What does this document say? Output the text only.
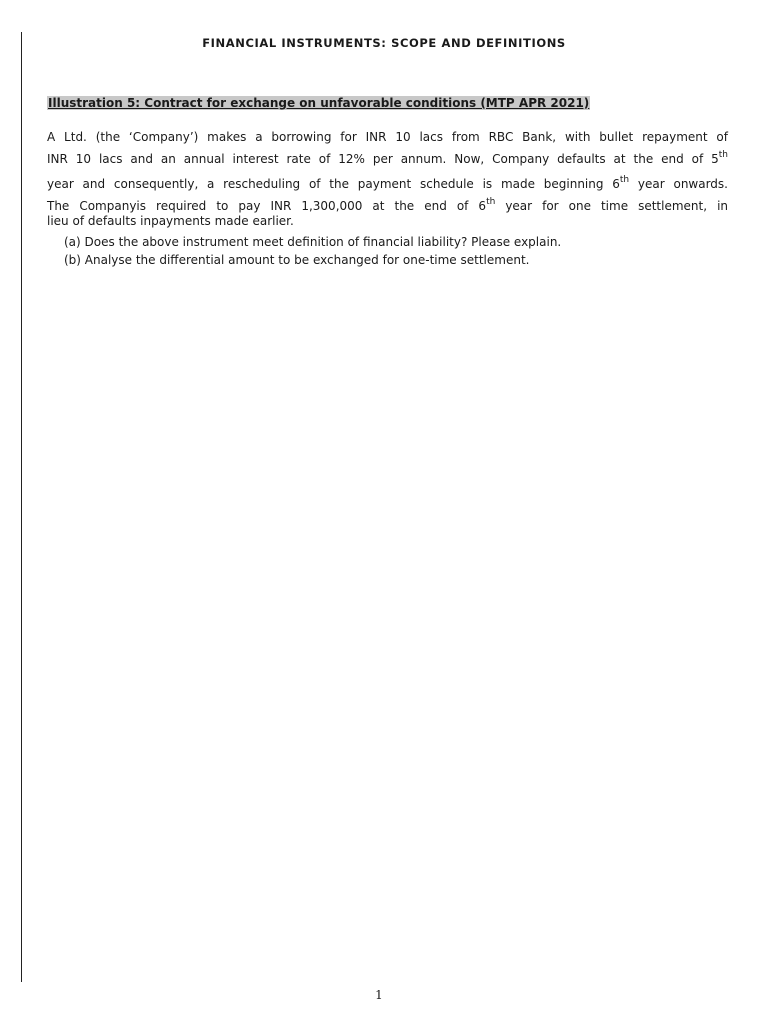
FINANCIAL INSTRUMENTS: SCOPE AND DEFINITIONS
Illustration 5: Contract for exchange on unfavorable conditions (MTP APR 2021)
A Ltd. (the ‘Company’) makes a borrowing for INR 10 lacs from RBC Bank, with bullet repayment of
INR 10 lacs and an annual interest rate of 12% per annum. Now, Company defaults at the end of 5th
year and consequently, a rescheduling of the payment schedule is made beginning 6th year onwards.
The Companyis required to pay INR 1,300,000 at the end of 6th year for one time settlement, in
lieu of defaults inpayments made earlier.
(a) Does the above instrument meet definition of financial liability? Please explain.
(b) Analyse the differential amount to be exchanged for one-time settlement.
1
